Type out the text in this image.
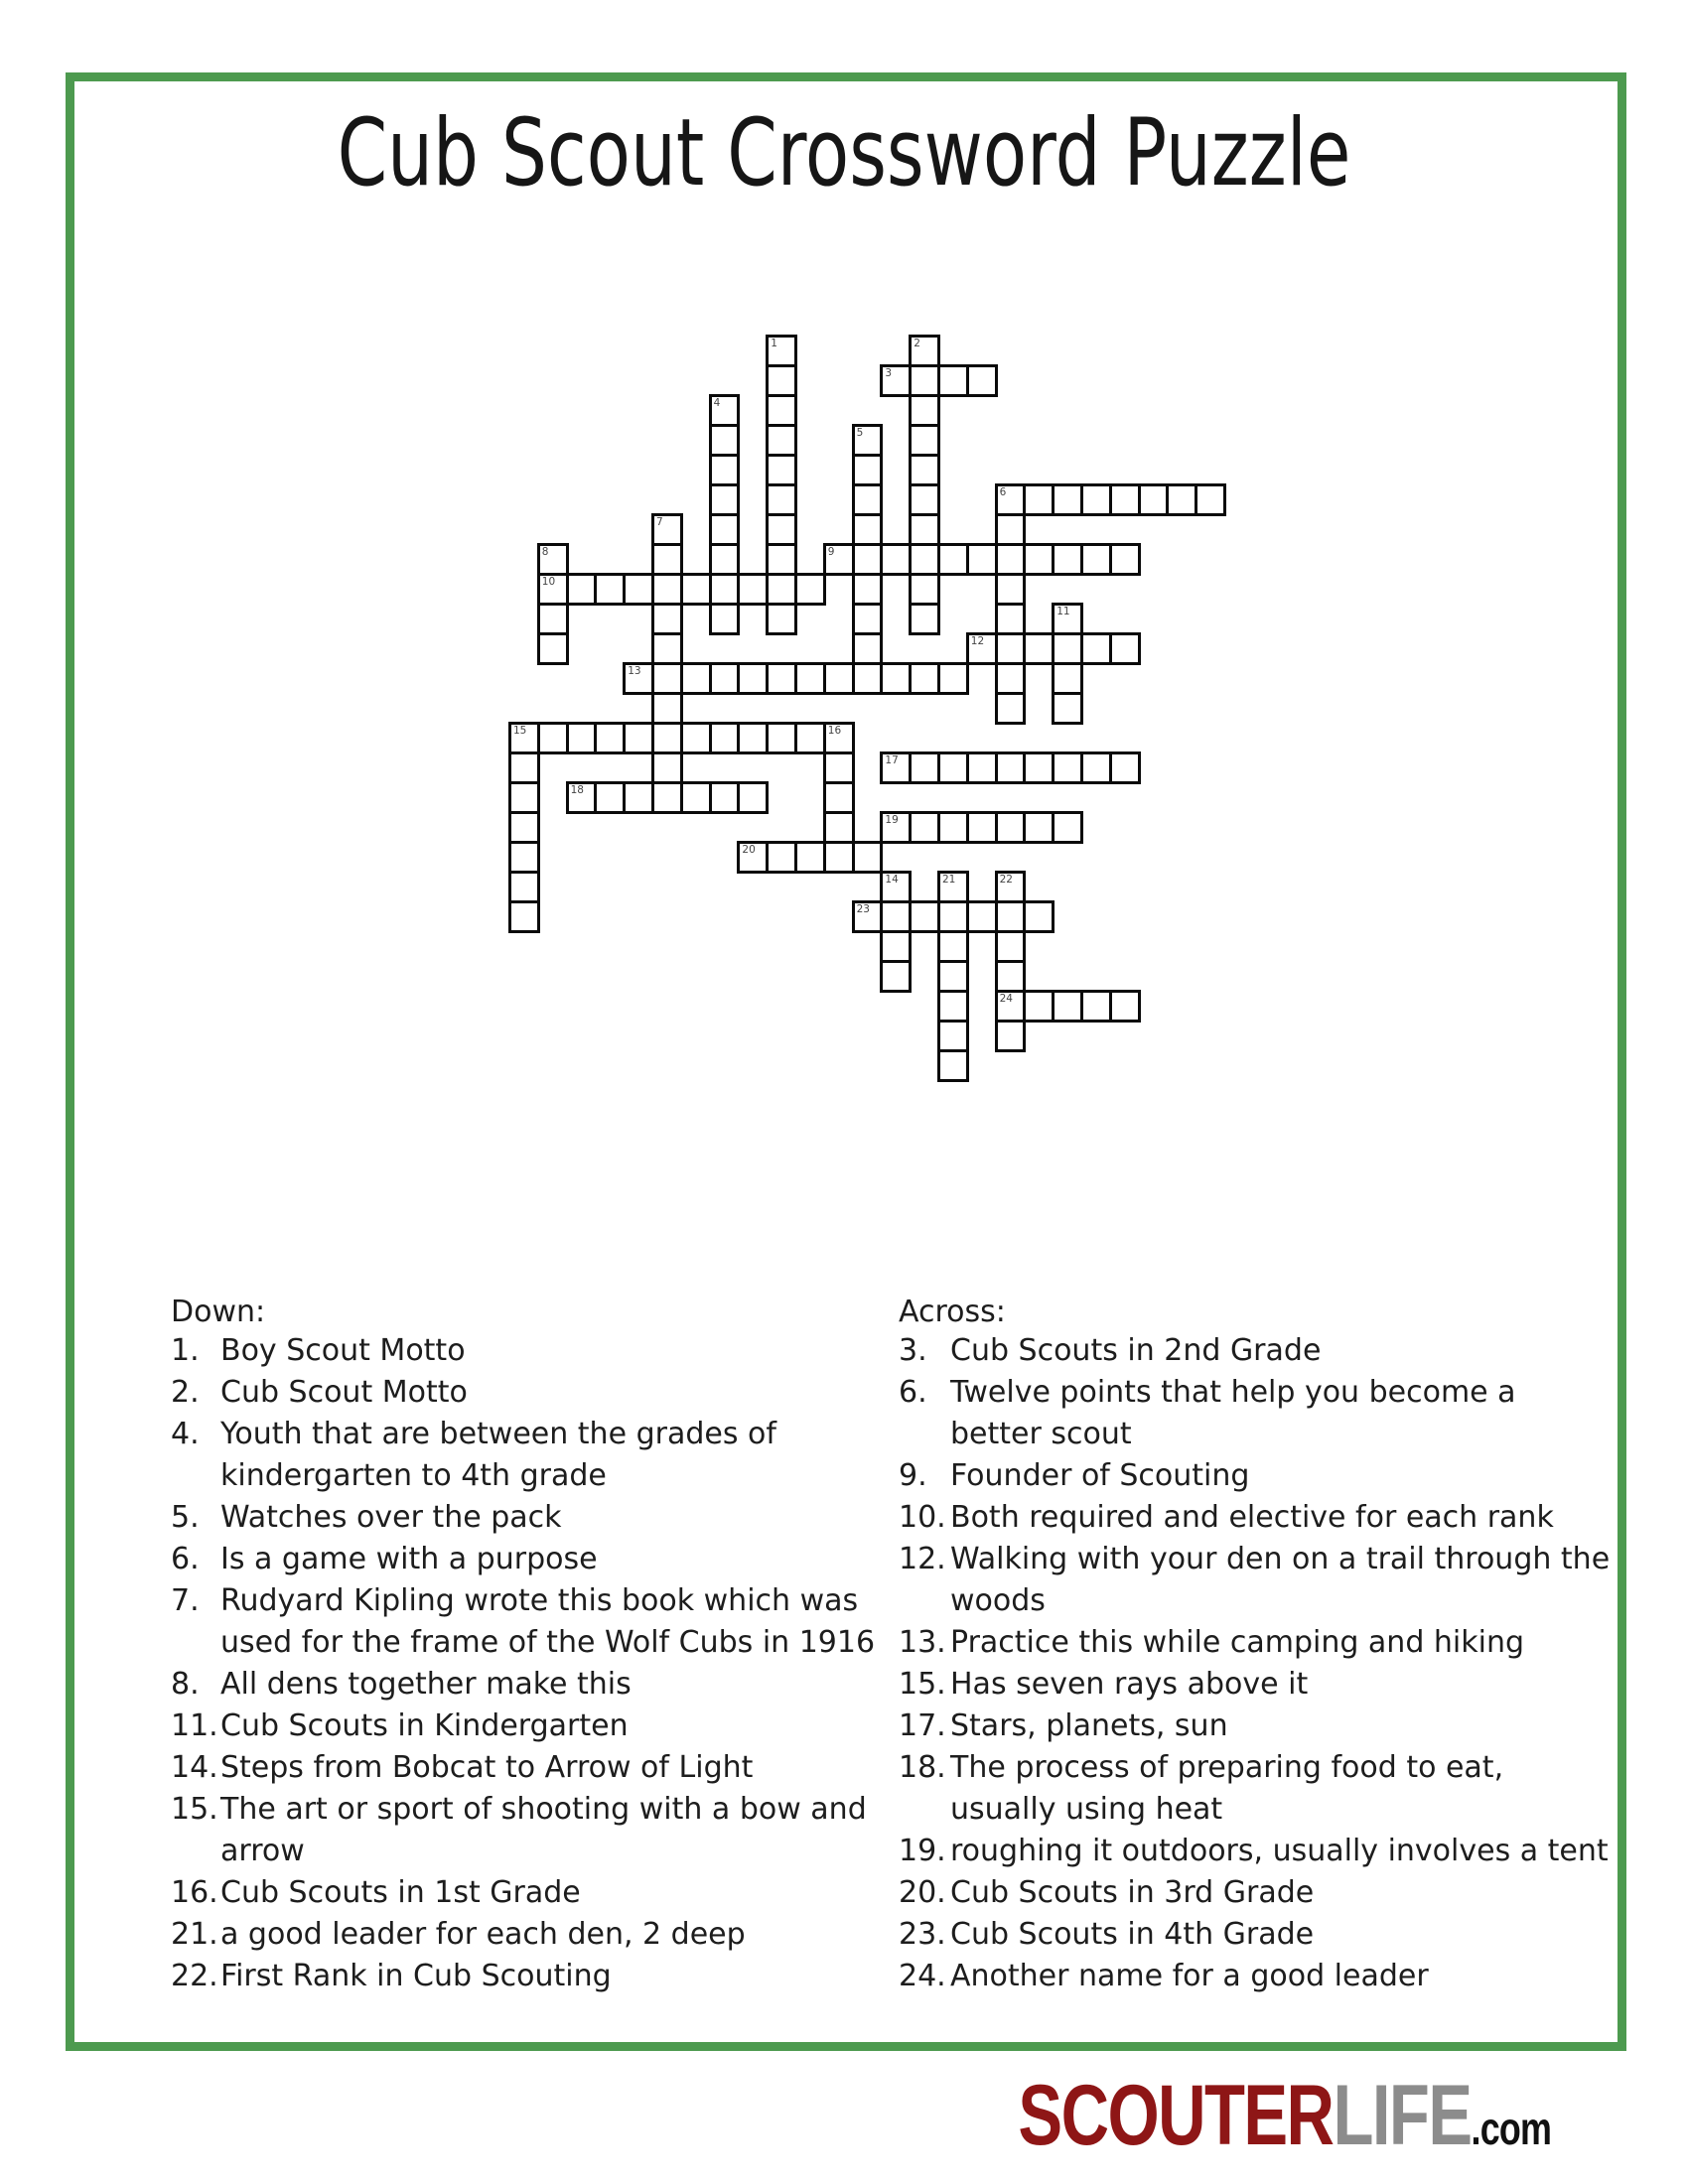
Cub Scout Crossword Puzzle
1	2
3
4
5
6
7
8
10
9
11
12
13
15	16
17
18
19
20
14	21	22
24
23
Down:
1. Boy Scout Motto
2. Cub Scout Motto
4. Youth that are between the grades of
kindergarten to 4th grade
5. Watches over the pack
6. Is a game with a purpose
7. Rudyard Kipling wrote this book which was
used for the frame of the Wolf Cubs in 1916
8. All dens together make this
11. Cub Scouts in Kindergarten
14. Steps from Bobcat to Arrow of Light
15. The art or sport of shooting with a bow and
arrow
16. Cub Scouts in 1st Grade
21. a good leader for each den, 2 deep
22. First Rank in Cub Scouting
Across:
3. Cub Scouts in 2nd Grade
6. Twelve points that help you become a
better scout
9. Founder of Scouting
10. Both required and elective for each rank
12. Walking with your den on a trail through the
woods
13. Practice this while camping and hiking
15. Has seven rays above it
17. Stars, planets, sun
18. The process of preparing food to eat,
usually using heat
19. roughing it outdoors, usually involves a tent
20. Cub Scouts in 3rd Grade
23. Cub Scouts in 4th Grade
24. Another name for a good leader
SCOUTERLIFE.com
